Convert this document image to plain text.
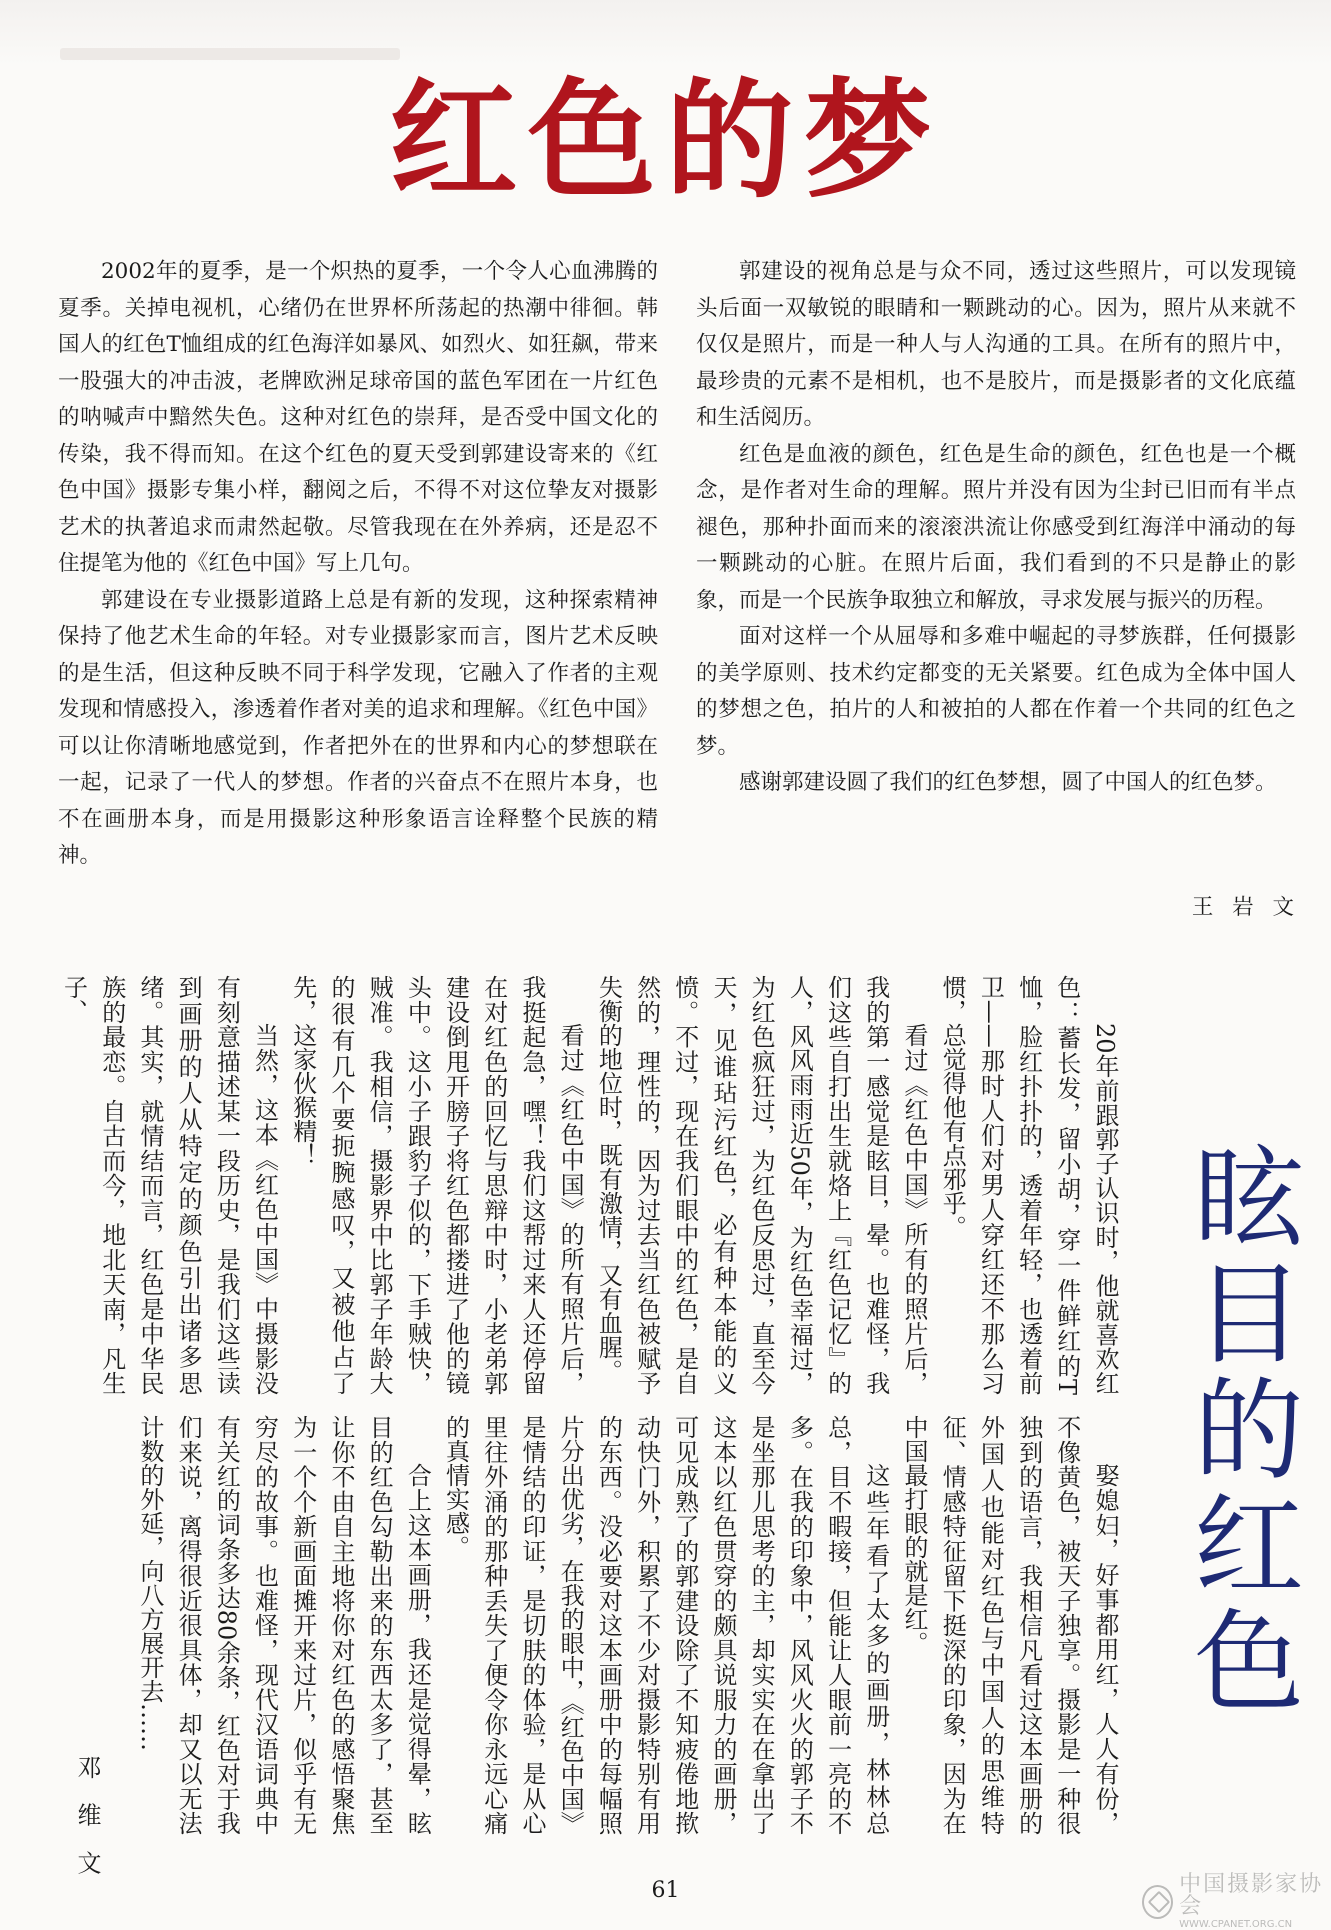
红色的梦

2002年的夏季，是一个炽热的夏季，一个令人心血沸腾的夏季。关掉电视机，心绪仍在世界杯所荡起的热潮中徘徊。韩国人的红色T恤组成的红色海洋如暴风、如烈火、如狂飙，带来一股强大的冲击波，老牌欧洲足球帝国的蓝色军团在一片红色的呐喊声中黯然失色。这种对红色的崇拜，是否受中国文化的传染，我不得而知。在这个红色的夏天受到郭建设寄来的《红色中国》摄影专集小样，翻阅之后，不得不对这位挚友对摄影艺术的执著追求而肃然起敬。尽管我现在在外养病，还是忍不住提笔为他的《红色中国》写上几句。

郭建设在专业摄影道路上总是有新的发现，这种探索精神保持了他艺术生命的年轻。对专业摄影家而言，图片艺术反映的是生活，但这种反映不同于科学发现，它融入了作者的主观发现和情感投入，渗透着作者对美的追求和理解。《红色中国》可以让你清晰地感觉到，作者把外在的世界和内心的梦想联在一起，记录了一代人的梦想。作者的兴奋点不在照片本身，也不在画册本身，而是用摄影这种形象语言诠释整个民族的精神。

郭建设的视角总是与众不同，透过这些照片，可以发现镜头后面一双敏锐的眼睛和一颗跳动的心。因为，照片从来就不仅仅是照片，而是一种人与人沟通的工具。在所有的照片中，最珍贵的元素不是相机，也不是胶片，而是摄影者的文化底蕴和生活阅历。

红色是血液的颜色，红色是生命的颜色，红色也是一个概念，是作者对生命的理解。照片并没有因为尘封已旧而有半点褪色，那种扑面而来的滚滚洪流让你感受到红海洋中涌动的每一颗跳动的心脏。在照片后面，我们看到的不只是静止的影象，而是一个民族争取独立和解放，寻求发展与振兴的历程。

面对这样一个从屈辱和多难中崛起的寻梦族群，任何摄影的美学原则、技术约定都变的无关紧要。红色成为全体中国人的梦想之色，拍片的人和被拍的人都在作着一个共同的红色之梦。

感谢郭建设圆了我们的红色梦想，圆了中国人的红色梦。

王 岩 文

20年前跟郭子认识时，他就喜欢红色：蓄长发，留小胡，穿一件鲜红的T恤，脸红扑扑的，透着年轻，也透着前卫——那时人们对男人穿红还不那么习惯，总觉得他有点邪乎。

看过《红色中国》所有的照片后，我的第一感觉是眩目，晕。也难怪，我们这些自打出生就烙上『红色记忆』的人，风风雨雨近50年，为红色幸福过，为红色疯狂过，为红色反思过，直至今天，见谁玷污红色，必有种本能的义愤。不过，现在我们眼中的红色，是自然的，理性的，因为过去当红色被赋予失衡的地位时，既有激情，又有血腥。

看过《红色中国》的所有照片后，我挺起急，嘿！我们这帮过来人还停留在对红色的回忆与思辩中时，小老弟郭建设倒甩开膀子将红色都搂进了他的镜头中。这小子跟豹子似的，下手贼快，贼准。我相信，摄影界中比郭子年龄大的很有几个要扼腕感叹，又被他占了先，这家伙猴精！

当然，这本《红色中国》中摄影没有刻意描述某一段历史，是我们这些读到画册的人从特定的颜色引出诸多思绪。其实，就情结而言，红色是中华民族的最恋。自古而今，地北天南，凡生子、

娶媳妇，好事都用红，人人有份，不像黄色，被天子独享。摄影是一种很独到的语言，我相信凡看过这本画册的外国人也能对红色与中国人的思维特征、情感特征留下挺深的印象，因为在中国最打眼的就是红。

这些年看了太多的画册，林林总总，目不暇接，但能让人眼前一亮的不多。在我的印象中，风风火火的郭子不是坐那儿思考的主，却实实在在拿出了这本以红色贯穿的颇具说服力的画册，可见成熟了的郭建设除了不知疲倦地揿动快门外，积累了不少对摄影特别有用的东西。没必要对这本画册中的每幅照片分出优劣，在我的眼中，《红色中国》是情结的印证，是切肤的体验，是从心里往外涌的那种丢失了便令你永远心痛的真情实感。

合上这本画册，我还是觉得晕，眩目的红色勾勒出来的东西太多了，甚至让你不由自主地将你对红色的感悟聚焦为一个个新画面摊开来过片，似乎有无穷尽的故事。也难怪，现代汉语词典中有关红的词条多达80余条，红色对于我们来说，离得很近很具体，却又以无法计数的外延，向八方展开去……

邓 维 文
眩目的红色
61	中国摄影家协会
WWW.CPANET.ORG.CN
